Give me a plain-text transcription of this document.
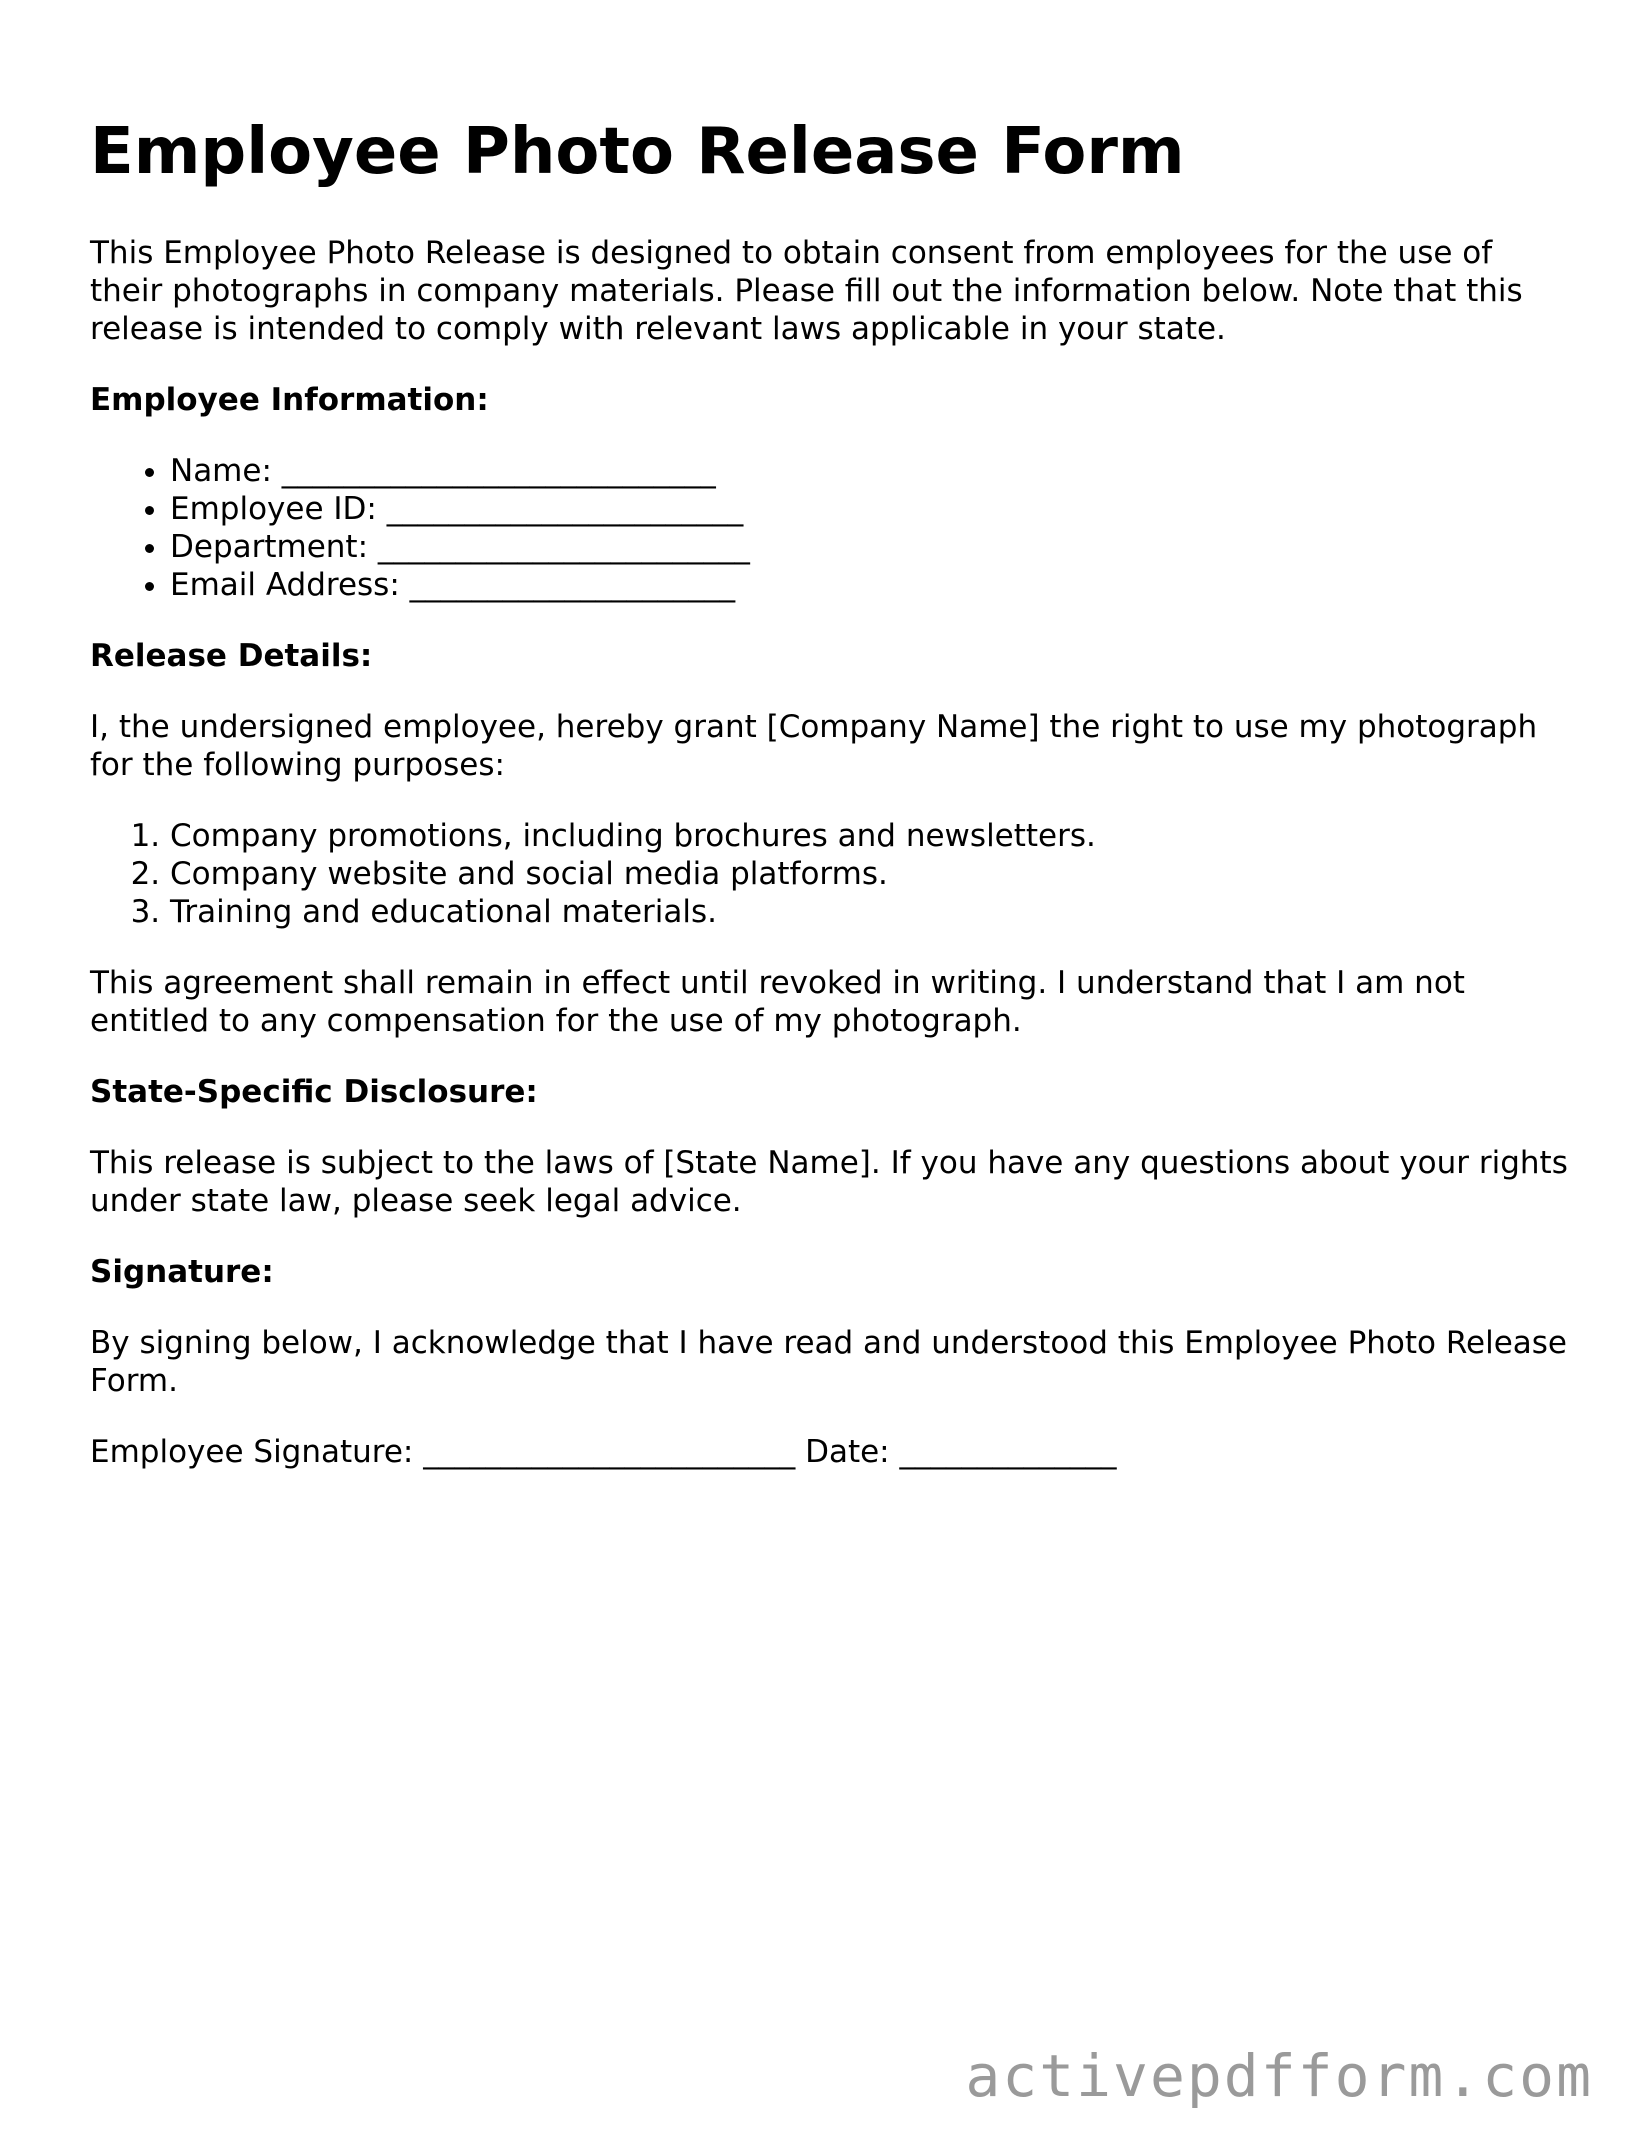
Employee Photo Release Form

This Employee Photo Release is designed to obtain consent from employees for the use of their photographs in company materials. Please fill out the information below. Note that this release is intended to comply with relevant laws applicable in your state.

Employee Information:

• Name: ____________________________
• Employee ID: _______________________
• Department: ________________________
• Email Address: _____________________

Release Details:

I, the undersigned employee, hereby grant [Company Name] the right to use my photograph for the following purposes:

1. Company promotions, including brochures and newsletters.
2. Company website and social media platforms.
3. Training and educational materials.

This agreement shall remain in effect until revoked in writing. I understand that I am not entitled to any compensation for the use of my photograph.

State-Specific Disclosure:

This release is subject to the laws of [State Name]. If you have any questions about your rights under state law, please seek legal advice.

Signature:

By signing below, I acknowledge that I have read and understood this Employee Photo Release Form.

Employee Signature: ________________________ Date: ______________
activepdfform.com
